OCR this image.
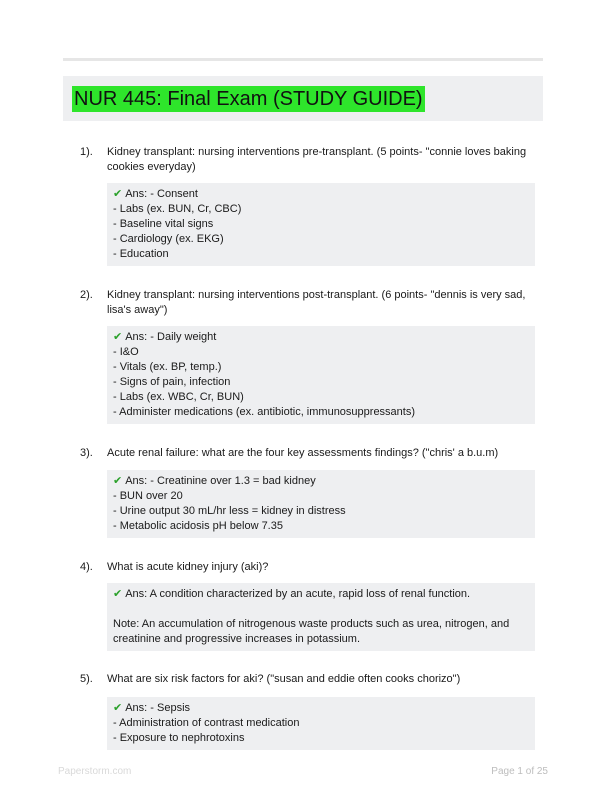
NUR 445: Final Exam (STUDY GUIDE)
1).	Kidney transplant: nursing interventions pre-transplant. (5 points- "connie loves baking cookies everyday)
✔ Ans: - Consent
- Labs (ex. BUN, Cr, CBC)
- Baseline vital signs
- Cardiology (ex. EKG)
- Education
2).	Kidney transplant: nursing interventions post-transplant. (6 points- "dennis is very sad, lisa's away")
✔ Ans: - Daily weight
- I&O
- Vitals (ex. BP, temp.)
- Signs of pain, infection
- Labs (ex. WBC, Cr, BUN)
- Administer medications (ex. antibiotic, immunosuppressants)
3).	Acute renal failure: what are the four key assessments findings? ("chris' a b.u.m)
✔ Ans: - Creatinine over 1.3 = bad kidney
- BUN over 20
- Urine output 30 mL/hr less = kidney in distress
- Metabolic acidosis pH below 7.35
4).	What is acute kidney injury (aki)?
✔ Ans: A condition characterized by an acute, rapid loss of renal function.
Note: An accumulation of nitrogenous waste products such as urea, nitrogen, and
creatinine and progressive increases in potassium.
5).	What are six risk factors for aki? ("susan and eddie often cooks chorizo")
✔ Ans: - Sepsis
- Administration of contrast medication
- Exposure to nephrotoxins
Paperstorm.com	Page 1 of 25
